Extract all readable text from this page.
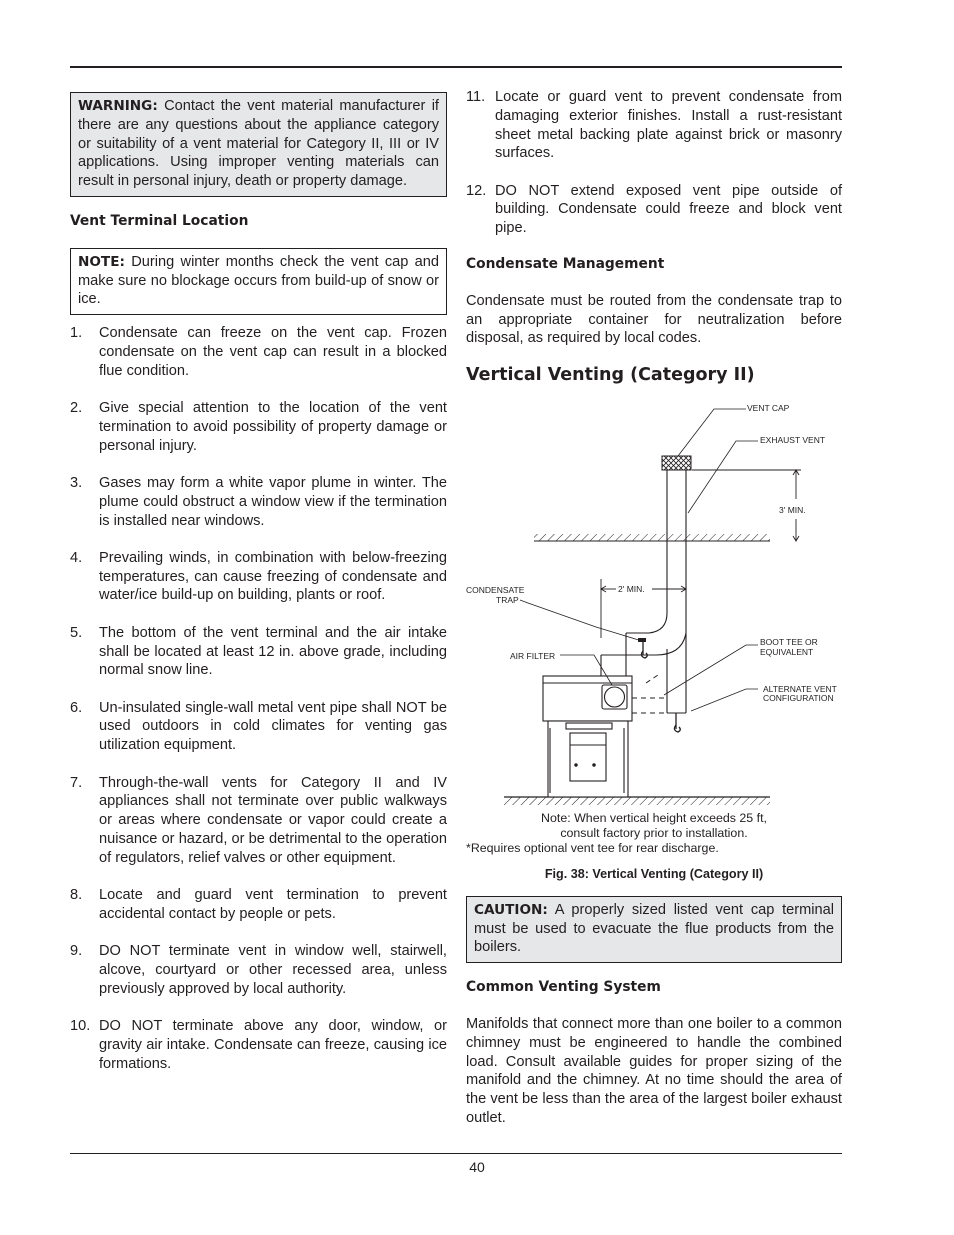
WARNING: Contact the vent material manufacturer if there are any questions about the appliance category or suitability of a vent material for Category II, III or IV applications. Using improper venting materials can result in personal injury, death or property damage.
Vent Terminal Location
NOTE: During winter months check the vent cap and make sure no blockage occurs from build-up of snow or ice.
1.	Condensate can freeze on the vent cap. Frozen condensate on the vent cap can result in a blocked flue condition.
2.	Give special attention to the location of the vent termination to avoid possibility of property damage or personal injury.
3.	Gases may form a white vapor plume in winter. The plume could obstruct a window view if the termination is installed near windows.
4.	Prevailing winds, in combination with below-freezing temperatures, can cause freezing of condensate and water/ice build-up on building, plants or roof.
5.	The bottom of the vent terminal and the air intake shall be located at least 12 in. above grade, including normal snow line.
6.	Un-insulated single-wall metal vent pipe shall NOT be used outdoors in cold climates for venting gas utilization equipment.
7.	Through-the-wall vents for Category II and IV appliances shall not terminate over public walkways or areas where condensate or vapor could create a nuisance or hazard, or be detrimental to the operation of regulators, relief valves or other equipment.
8.	Locate and guard vent termination to prevent accidental contact by people or pets.
9.	DO NOT terminate vent in window well, stairwell, alcove, courtyard or other recessed area, unless previously approved by local authority.
10. DO NOT terminate above any door, window, or gravity air intake. Condensate can freeze, causing ice formations.
11. Locate or guard vent to prevent condensate from damaging exterior finishes. Install a rust-resistant sheet metal backing plate against brick or masonry surfaces.
12. DO NOT extend exposed vent pipe outside of building. Condensate could freeze and block vent pipe.
Condensate Management
Condensate must be routed from the condensate trap to an appropriate container for neutralization before disposal, as required by local codes.
Vertical Venting (Category II)
3' MIN.
2' MIN.
VENT CAP
EXHAUST VENT
CONDENSATE
TRAP
BOOT TEE OR
EQUIVALENT
AIR FILTER
ALTERNATE VENT
CONFIGURATION
Note: When vertical height exceeds 25 ft,
consult factory prior to installation.
*Requires optional vent tee for rear discharge.
Fig. 38: Vertical Venting (Category II)
CAUTION: A properly sized listed vent cap terminal must be used to evacuate the flue products from the boilers.
Common Venting System
Manifolds that connect more than one boiler to a common chimney must be engineered to handle the combined load. Consult available guides for proper sizing of the manifold and the chimney. At no time should the area of the vent be less than the area of the largest boiler exhaust outlet.
40
